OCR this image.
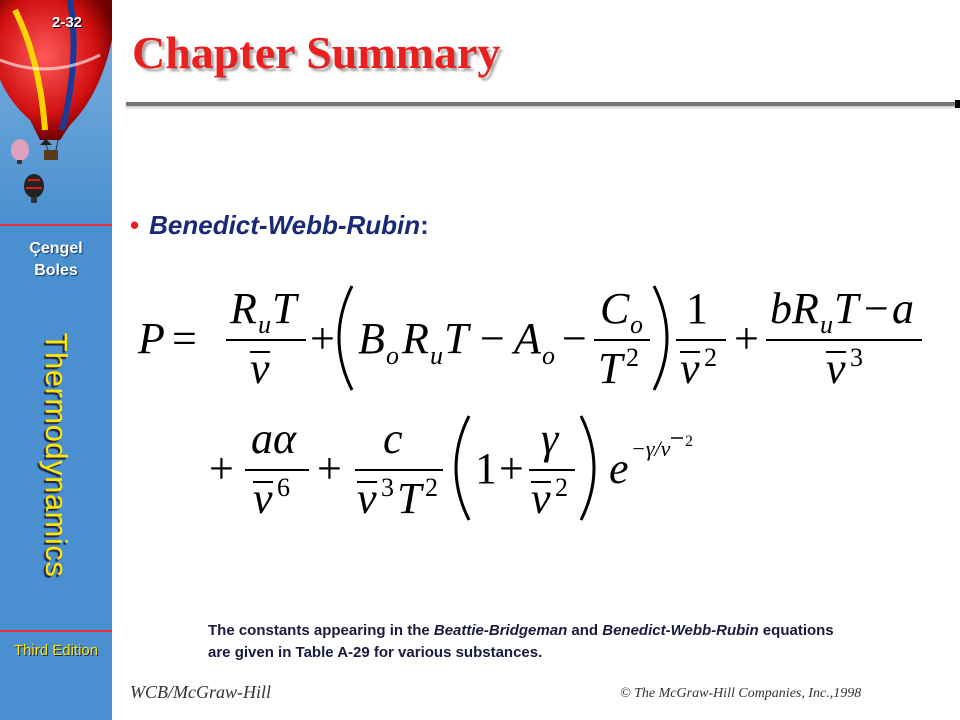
2-32
Çengel
Boles
Thermodynamics
Third Edition
Chapter Summary
• Benedict-Webb-Rubin:
P =
R u T
v
+ B o R u T − A o −
C o
T 2
1
v 2 +
bR u T − a
v 3
+
aα
v 6 +
c
v 3 T 2 1 +
γ
v 2 e −γ/v 2
The constants appearing in the Beattie-Bridgeman and Benedict-Webb-Rubin equations are given in Table A-29 for various substances.
WCB/McGraw-Hill	© The McGraw-Hill Companies, Inc.,1998
